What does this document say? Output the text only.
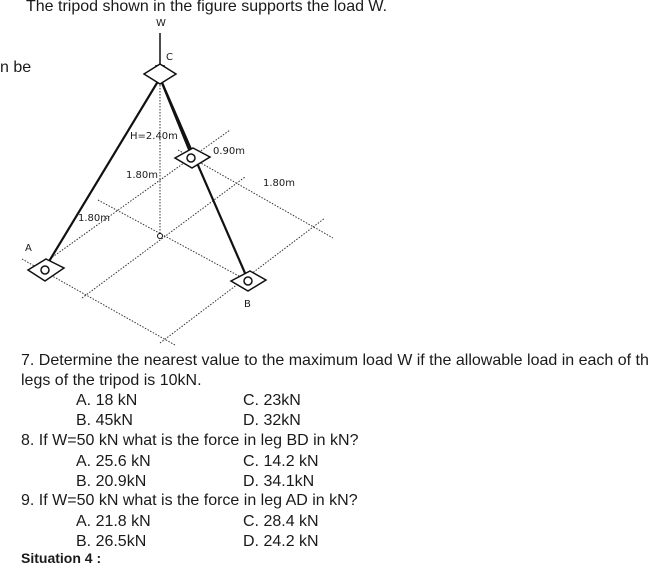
The tripod shown in the figure supports the load W.
n be
W
C
H=2.40m
0.90m
1.80m
1.80m
1.80m
A
B
7. Determine the nearest value to the maximum load W if the allowable load in each of th
legs of the tripod is 10kN.
A. 18 kN	C. 23kN
B. 45kN	D. 32kN
8. If W=50 kN what is the force in leg BD in kN?
A. 25.6 kN	C. 14.2 kN
B. 20.9kN	D. 34.1kN
9. If W=50 kN what is the force in leg AD in kN?
A. 21.8 kN	C. 28.4 kN
B. 26.5kN	D. 24.2 kN
Situation 4 :
